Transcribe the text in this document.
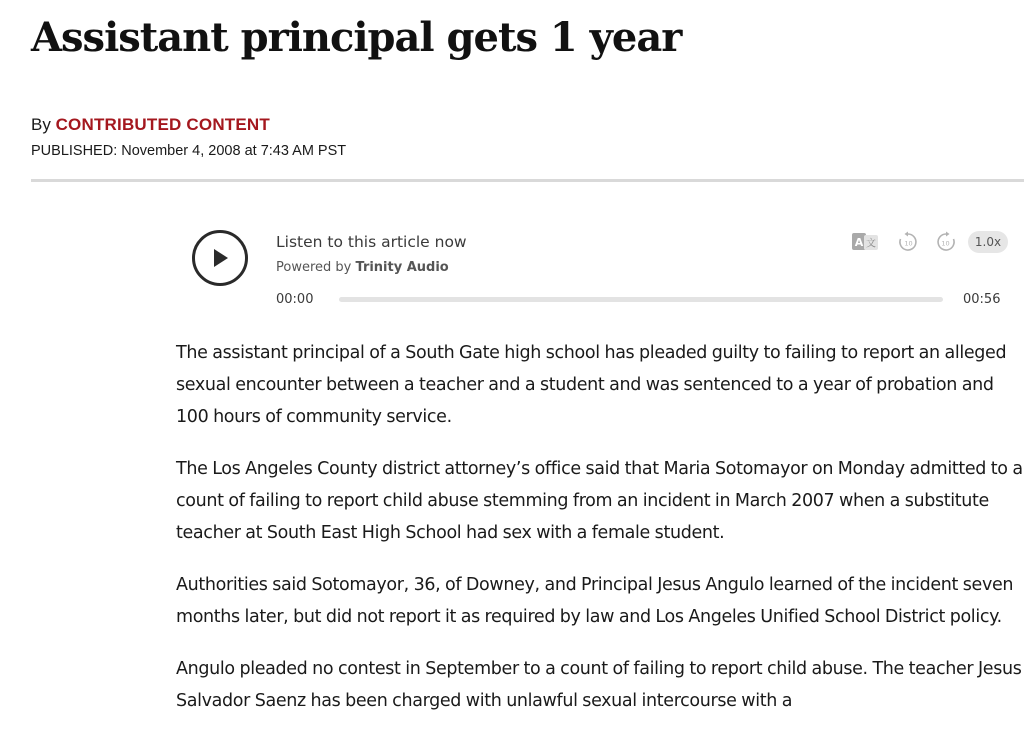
Assistant principal gets 1 year
By CONTRIBUTED CONTENT
PUBLISHED: November 4, 2008 at 7:43 AM PST
Listen to this article now
Powered by Trinity Audio
A 文	10	10	1.0x
00:00	00:56

The assistant principal of a South Gate high school has pleaded guilty to failing to report an alleged sexual encounter between a teacher and a student and was sentenced to a year of probation and 100 hours of community service.

The Los Angeles County district attorney’s office said that Maria Sotomayor on Monday admitted to a count of failing to report child abuse stemming from an incident in March 2007 when a substitute teacher at South East High School had sex with a female student.

Authorities said Sotomayor, 36, of Downey, and Principal Jesus Angulo learned of the incident seven months later, but did not report it as required by law and Los Angeles Unified School District policy.

Angulo pleaded no contest in September to a count of failing to report child abuse. The teacher Jesus Salvador Saenz has been charged with unlawful sexual intercourse with a
